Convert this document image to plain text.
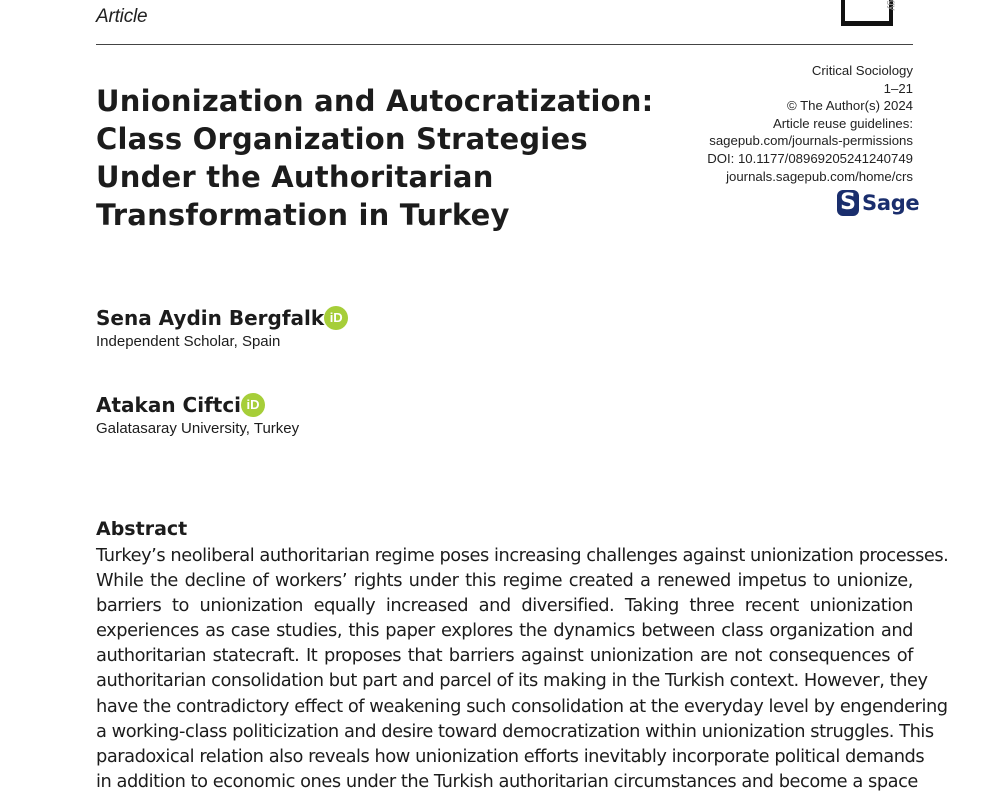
Article
gy
Unionization and Autocratization:
Class Organization Strategies
Under the Authoritarian
Transformation in Turkey
Critical Sociology
1–21
© The Author(s) 2024
Article reuse guidelines:
sagepub.com/journals-permissions
DOI: 10.1177/08969205241240749
journals.sagepub.com/home/crs
S Sage
Sena Aydin Bergfalk iD
Independent Scholar, Spain
Atakan Ciftci iD
Galatasaray University, Turkey
Abstract

Turkey’s neoliberal authoritarian regime poses increasing challenges against unionization processes.
While the decline of workers’ rights under this regime created a renewed impetus to unionize,
barriers to unionization equally increased and diversified. Taking three recent unionization
experiences as case studies, this paper explores the dynamics between class organization and
authoritarian statecraft. It proposes that barriers against unionization are not consequences of
authoritarian consolidation but part and parcel of its making in the Turkish context. However, they
have the contradictory effect of weakening such consolidation at the everyday level by engendering
a working-class politicization and desire toward democratization within unionization struggles. This
paradoxical relation also reveals how unionization efforts inevitably incorporate political demands
in addition to economic ones under the Turkish authoritarian circumstances and become a space
